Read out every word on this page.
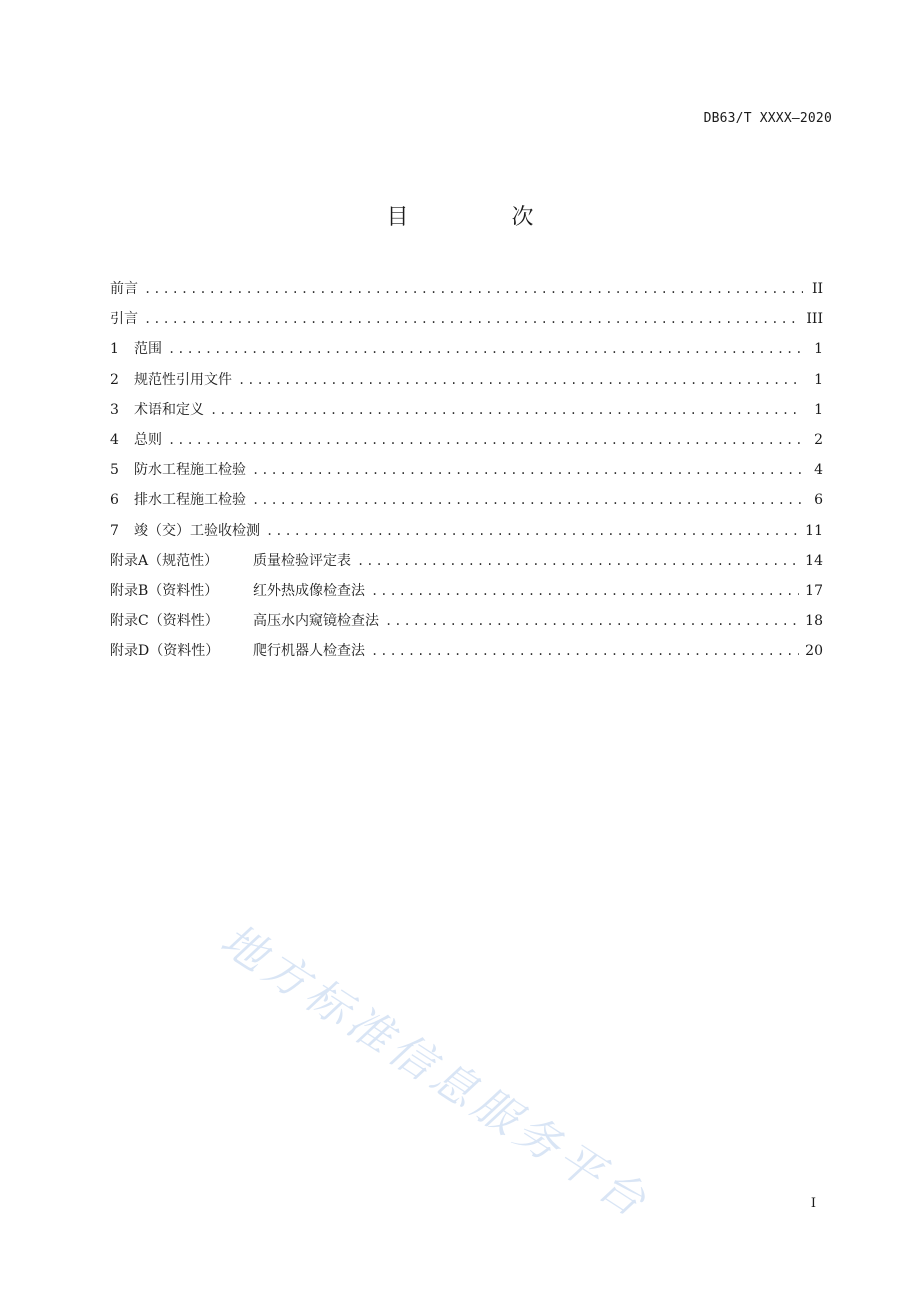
DB63/T XXXX—2020
目 次
前言 .....	II
引言 .....	III
1	范围 .....	1
2	规范性引用文件 .....	1
3	术语和定义 .....	1
4	总则 .....	2
5	防水工程施工检验 .....	4
6	排水工程施工检验 .....	6
7	竣（交）工验收检测 .....	11
附录A（规范性）	质量检验评定表 .....	14
附录B（资料性）	红外热成像检查法 .....	17
附录C（资料性）	高压水内窥镜检查法 .....	18
附录D（资料性）	爬行机器人检查法 .....	20
I
地方标准信息服务平台
